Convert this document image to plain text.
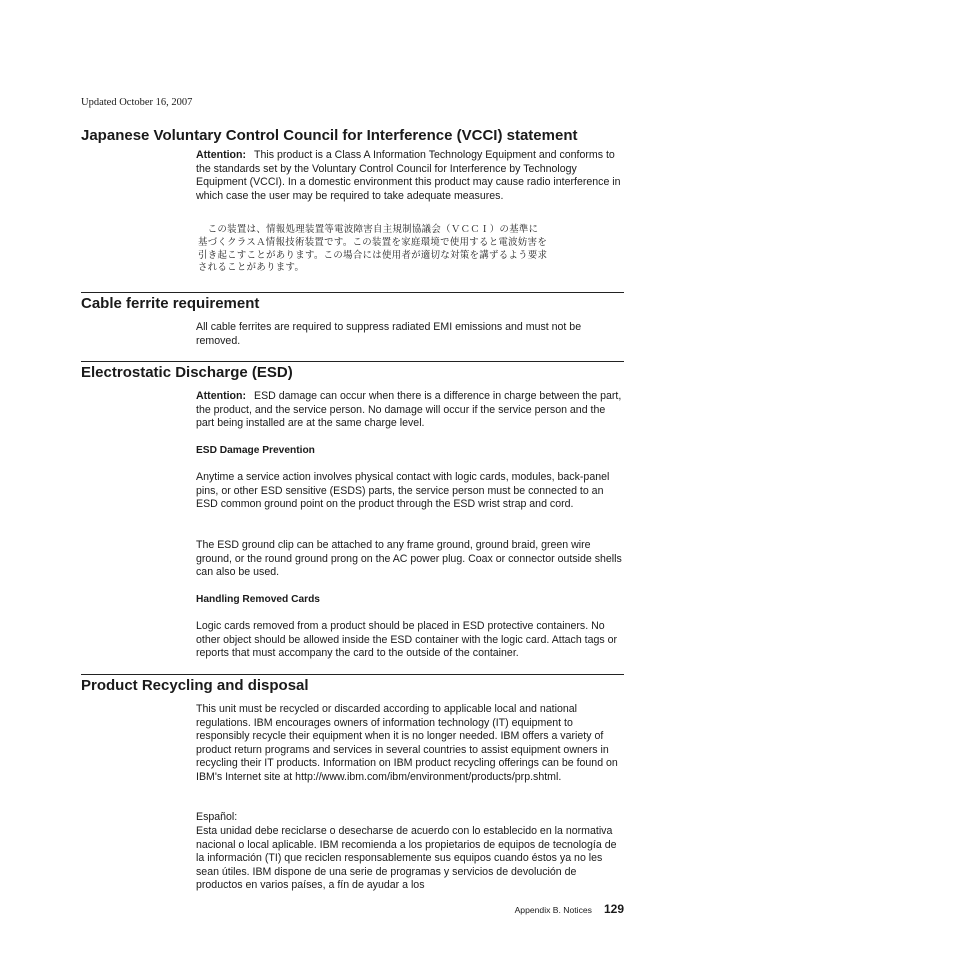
Updated October 16, 2007
Japanese Voluntary Control Council for Interference (VCCI) statement

Attention: This product is a Class A Information Technology Equipment and conforms to the standards set by the Voluntary Control Council for Interference by Technology Equipment (VCCI). In a domestic environment this product may cause radio interference in which case the user may be required to take adequate measures.

　この装置は、情報処理装置等電波障害自主規制協議会（ＶＣＣＩ）の基準に
基づくクラスＡ情報技術装置です。この装置を家庭環境で使用すると電波妨害を
引き起こすことがあります。この場合には使用者が適切な対策を講ずるよう要求
されることがあります。
Cable ferrite requirement
All cable ferrites are required to suppress radiated EMI emissions and must not be removed.
Electrostatic Discharge (ESD)

Attention: ESD damage can occur when there is a difference in charge between the part, the product, and the service person. No damage will occur if the service person and the part being installed are at the same charge level.

ESD Damage Prevention
Anytime a service action involves physical contact with logic cards, modules, back-panel pins, or other ESD sensitive (ESDS) parts, the service person must be connected to an ESD common ground point on the product through the ESD wrist strap and cord.
The ESD ground clip can be attached to any frame ground, ground braid, green wire ground, or the round ground prong on the AC power plug. Coax or connector outside shells can also be used.
Handling Removed Cards
Logic cards removed from a product should be placed in ESD protective containers. No other object should be allowed inside the ESD container with the logic card. Attach tags or reports that must accompany the card to the outside of the container.
Product Recycling and disposal
This unit must be recycled or discarded according to applicable local and national regulations. IBM encourages owners of information technology (IT) equipment to responsibly recycle their equipment when it is no longer needed. IBM offers a variety of product return programs and services in several countries to assist equipment owners in recycling their IT products. Information on IBM product recycling offerings can be found on IBM's Internet site at http://www.ibm.com/ibm/environment/products/prp.shtml.
Español:
Esta unidad debe reciclarse o desecharse de acuerdo con lo establecido en la normativa nacional o local aplicable. IBM recomienda a los propietarios de equipos de tecnología de la información (TI) que reciclen responsablemente sus equipos cuando éstos ya no les sean útiles. IBM dispone de una serie de programas y servicios de devolución de productos en varios países, a fín de ayudar a los
Appendix B. Notices 129
